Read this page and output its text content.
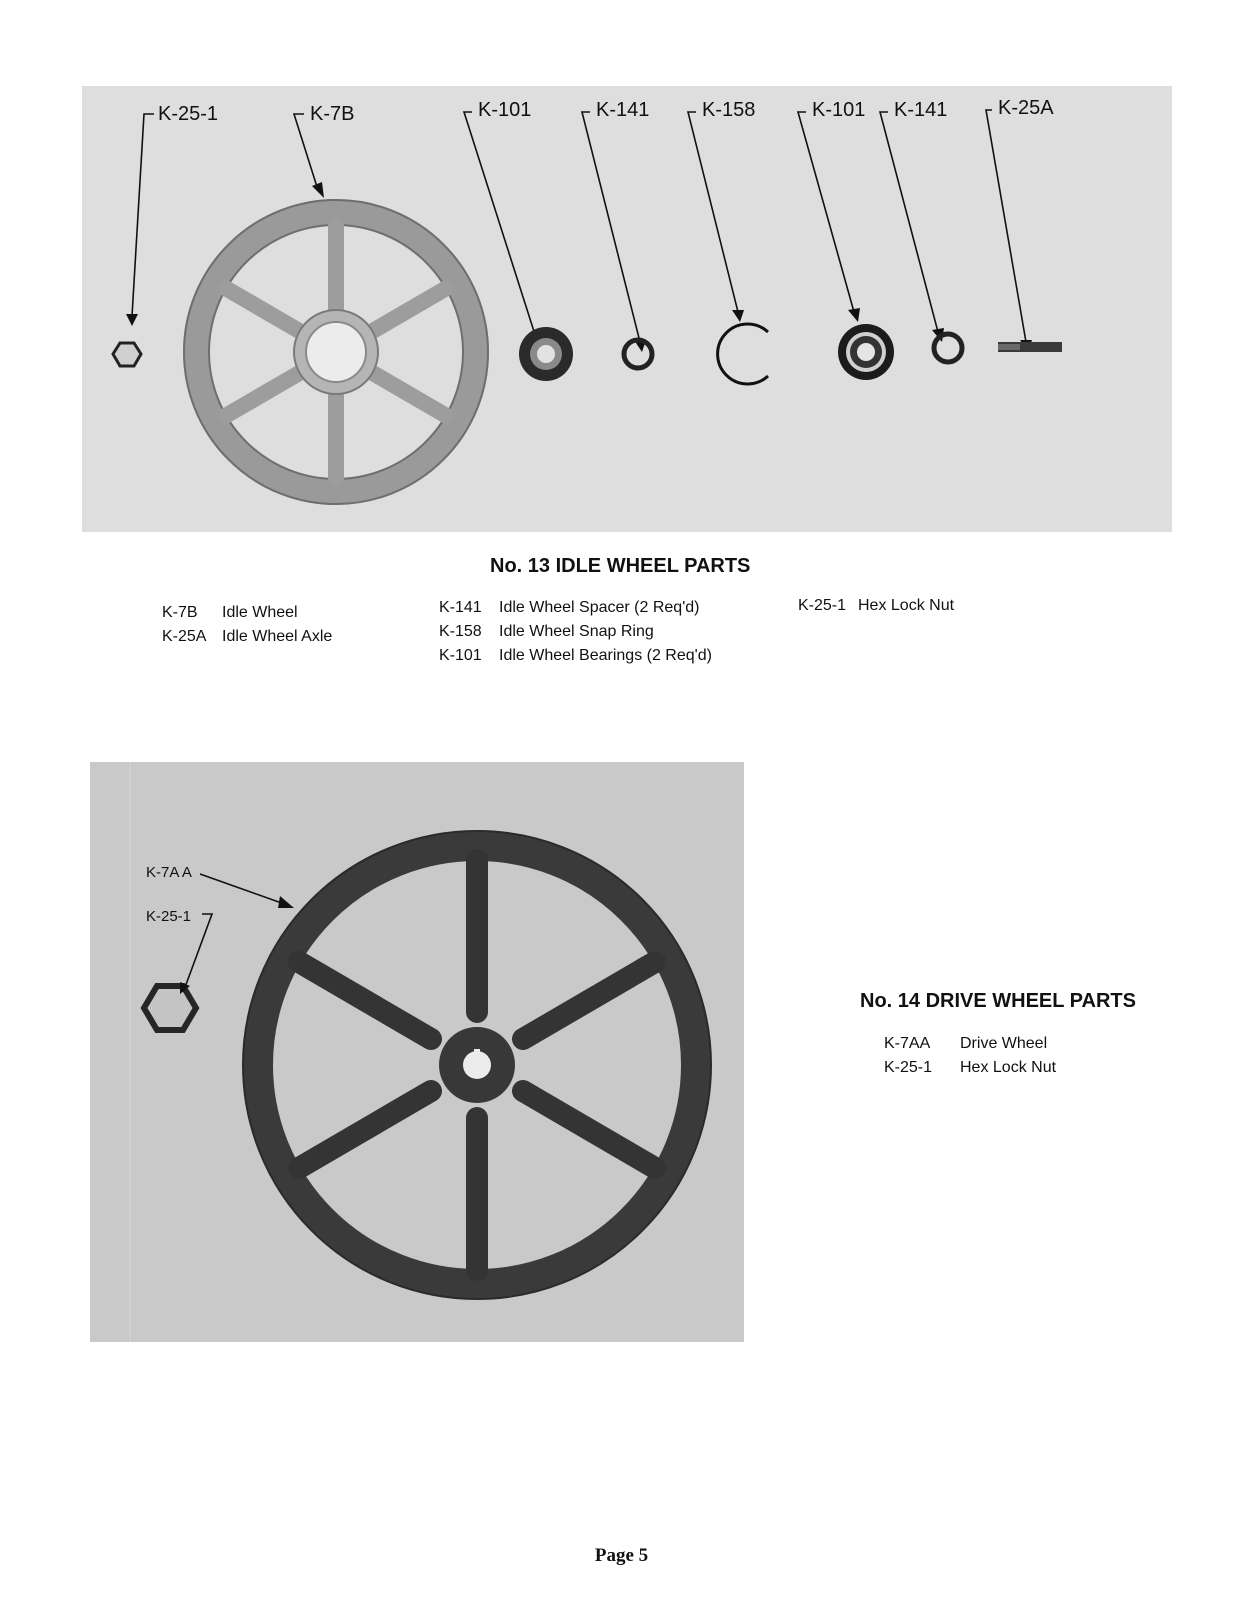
K-25-1	K-7B	K-101	K-141	K-158	K-101 K-141	K-25A
No. 13 IDLE WHEEL PARTS
K-7B	Idle Wheel
K-25A Idle Wheel Axle
K-141	Idle Wheel Spacer (2 Req'd)
K-158	Idle Wheel Snap Ring
K-101	Idle Wheel Bearings (2 Req'd)
K-25-1 Hex Lock Nut
K-7A A
K-25-1
No. 14 DRIVE WHEEL PARTS
K-7AA	Drive Wheel
K-25-1	Hex Lock Nut
Page 5
